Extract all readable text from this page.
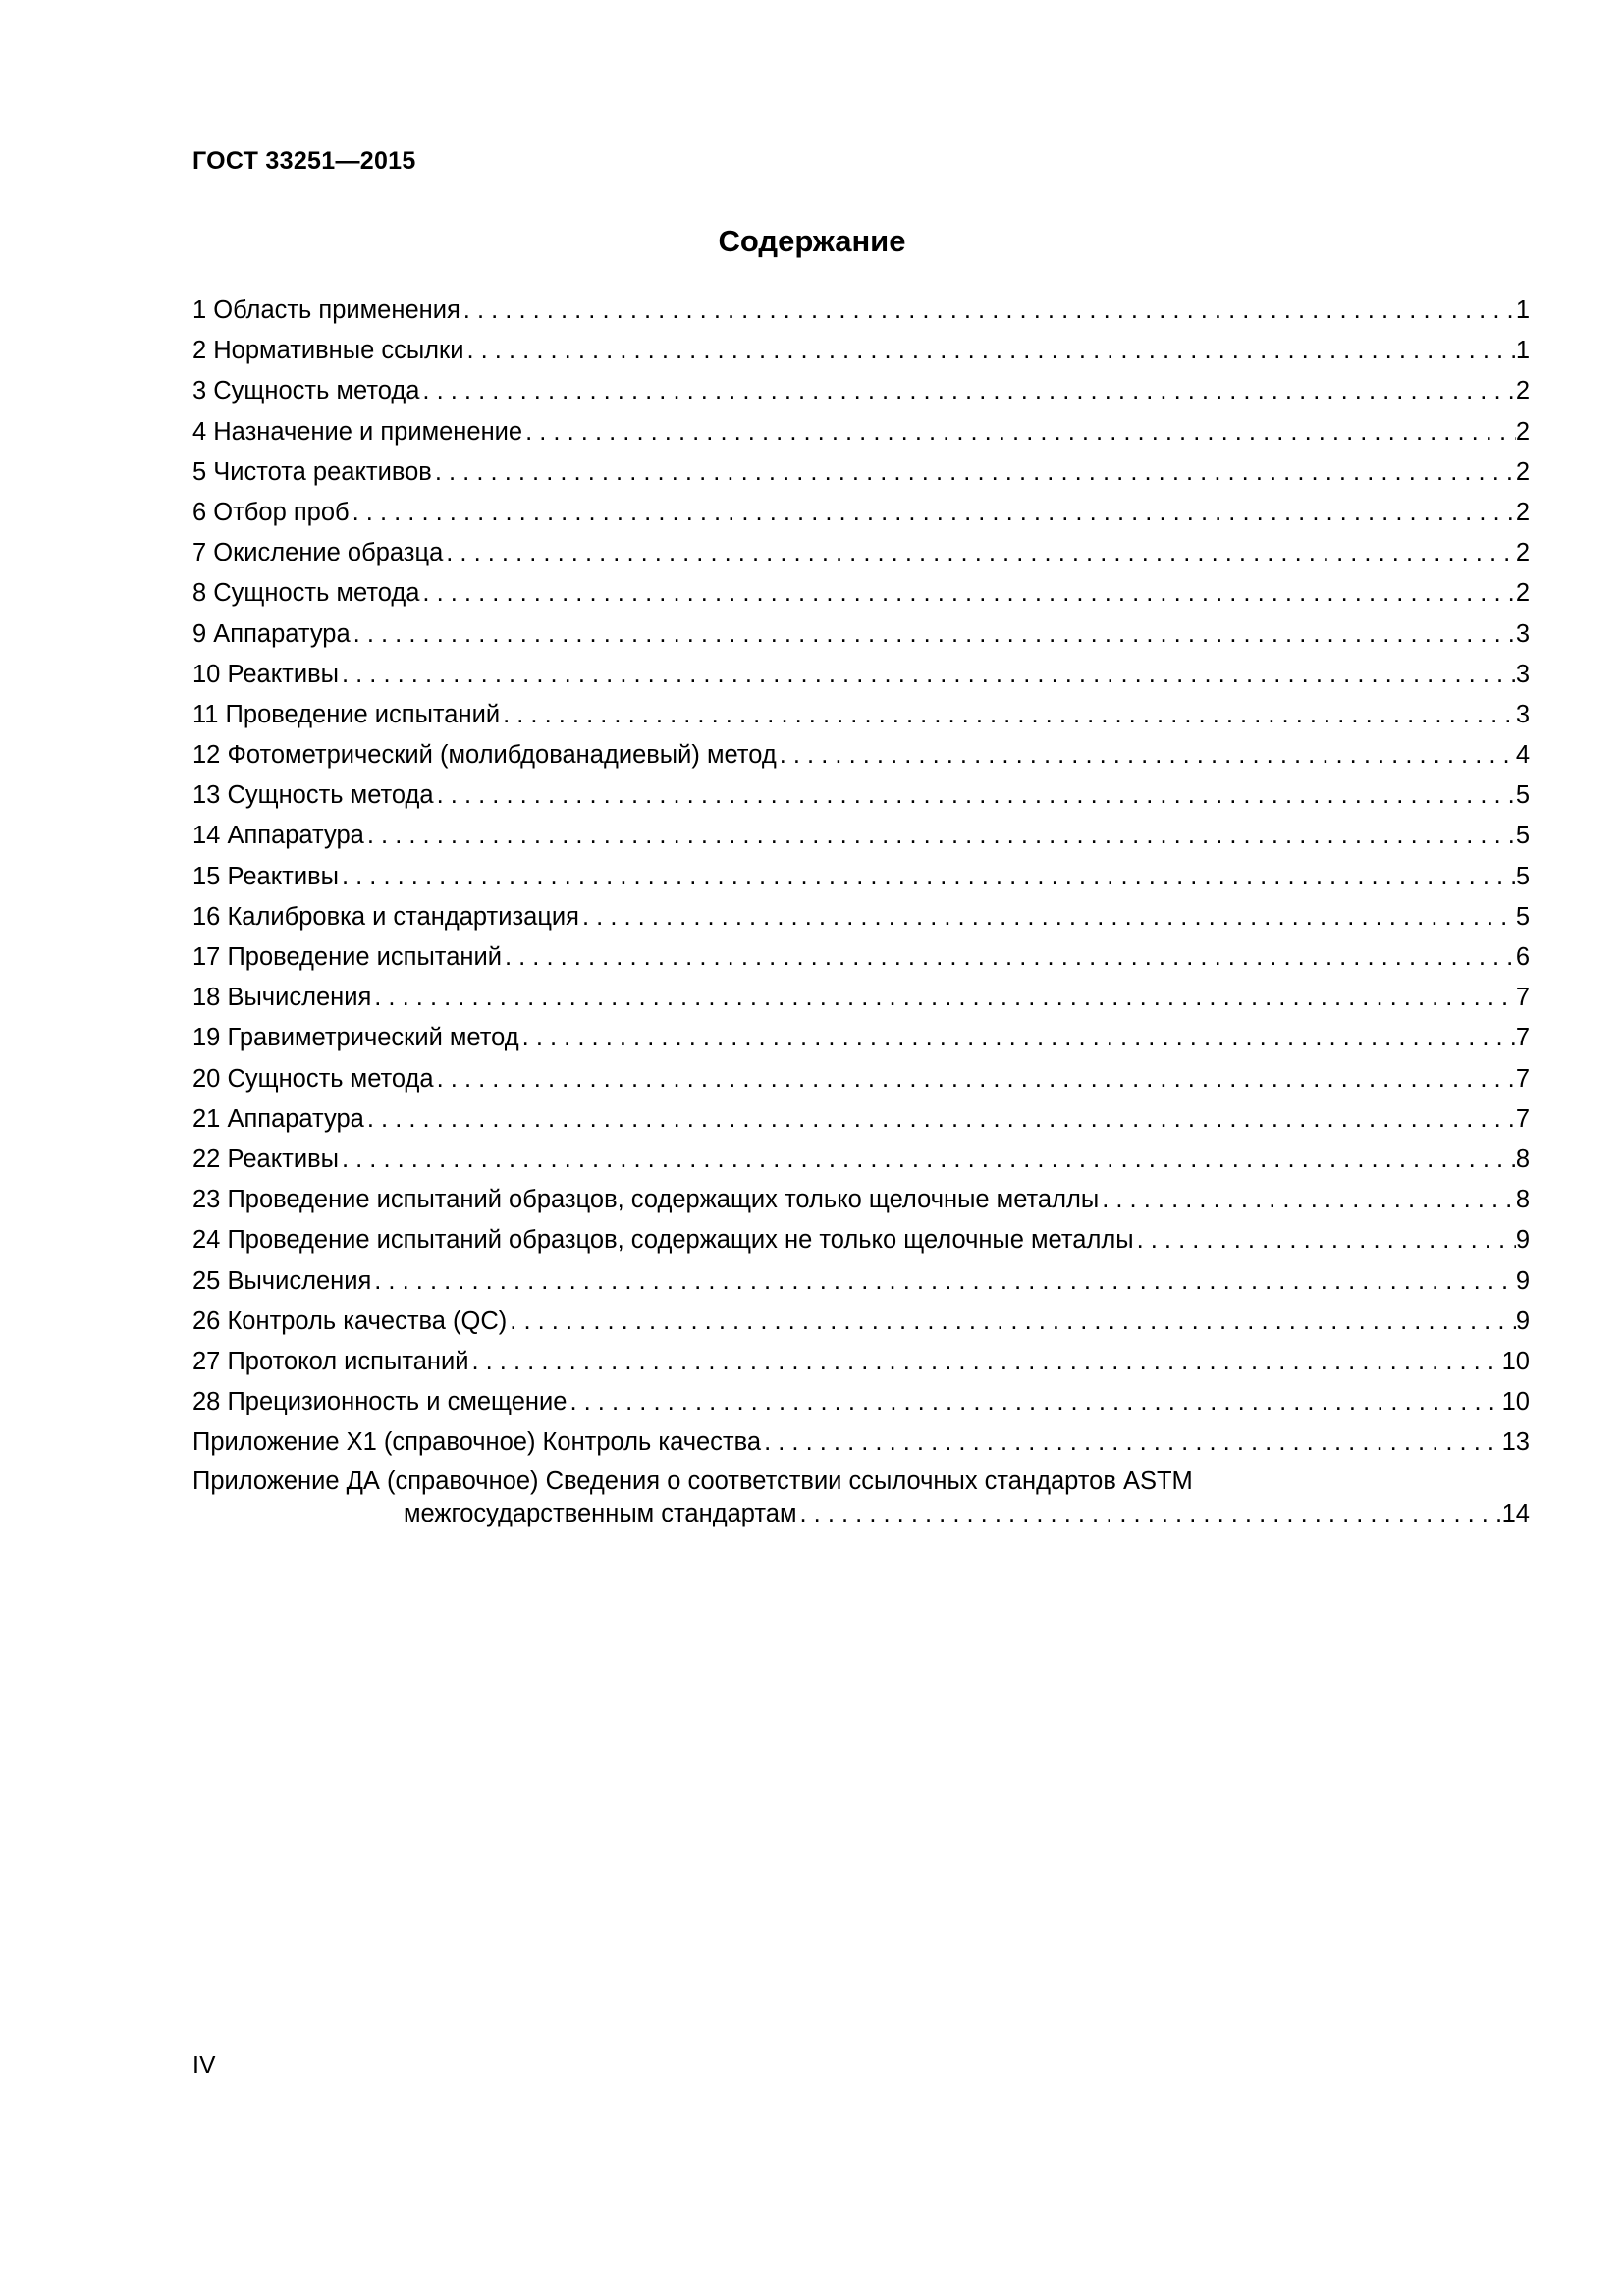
ГОСТ 33251—2015

Содержание
1 Область применения . . .	1
2 Нормативные ссылки . . .	1
3 Сущность метода . . .	2
4 Назначение и применение . . .	2
5 Чистота реактивов . . .	2
6 Отбор проб . . .	2
7 Окисление образца . . .	2
8 Сущность метода . . .	2
9 Аппаратура . . .	3
10 Реактивы . . .	3
11 Проведение испытаний . . .	3
12 Фотометрический (молибдованадиевый) метод . . .	4
13 Сущность метода . . .	5
14 Аппаратура . . .	5
15 Реактивы . . .	5
16 Калибровка и стандартизация . . .	5
17 Проведение испытаний . . .	6
18 Вычисления . . .	7
19 Гравиметрический метод . . .	7
20 Сущность метода . . .	7
21 Аппаратура . . .	7
22 Реактивы . . .	8
23 Проведение испытаний образцов, содержащих только щелочные металлы . . .	8
24 Проведение испытаний образцов, содержащих не только щелочные металлы . . .	9
25 Вычисления . . .	9
26 Контроль качества (QC) . . .	9
27 Протокол испытаний . . .	10
28 Прецизионность и смещение . . .	10
Приложение X1 (справочное) Контроль качества . . .	13
Приложение ДА (справочное) Сведения о соответствии ссылочных стандартов ASTM
межгосударственным стандартам . . .	14

IV
